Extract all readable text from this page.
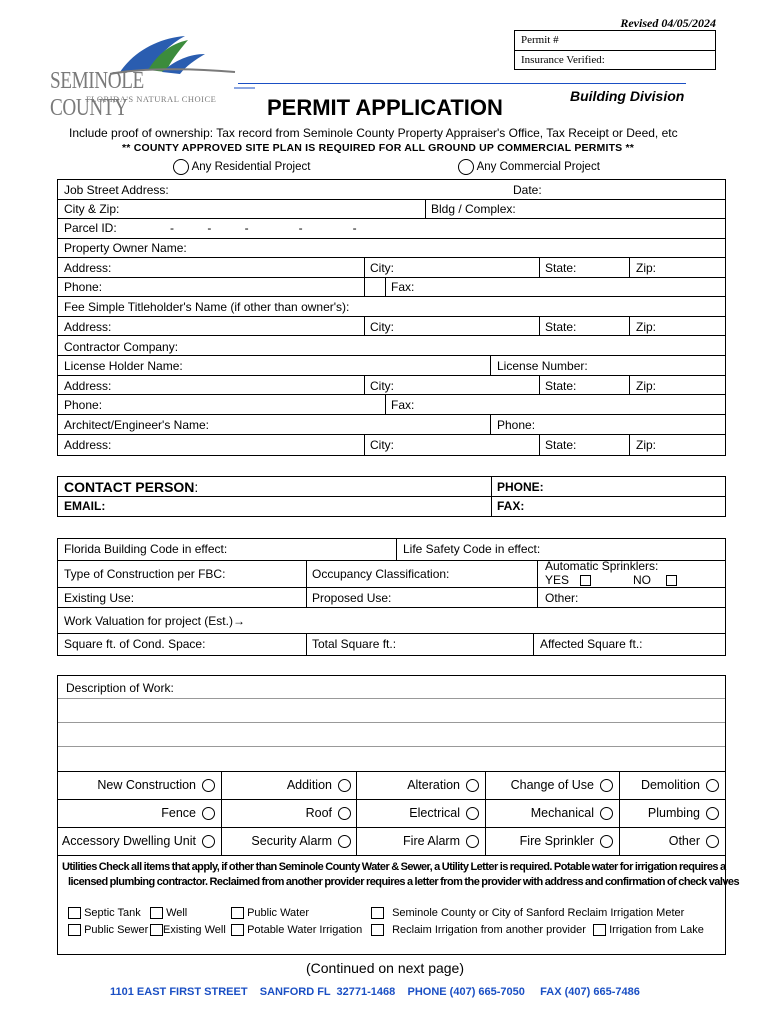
Revised 04/05/2024
Permit #
Insurance Verified:
SEMINOLE COUNTY
FLORIDA'S NATURAL CHOICE	Building Division
PERMIT APPLICATION
Include proof of ownership: Tax record from Seminole County Property Appraiser's Office, Tax Receipt or Deed, etc
** COUNTY APPROVED SITE PLAN IS REQUIRED FOR ALL GROUND UP COMMERCIAL PERMITS **
Any Residential Project	Any Commercial Project
Job Street Address:	Date:
City & Zip:	Bldg / Complex:
Parcel ID:	-          -          -               -               -
Property Owner Name:
Address:	City:	State:	Zip:
Phone:	Fax:
Fee Simple Titleholder's Name (if other than owner's):
Address:	City:	State:	Zip:
Contractor Company:
License Holder Name:	License Number:
Address:	City:	State:	Zip:
Phone:	Fax:
Architect/Engineer's Name:	Phone:
Address:	City:	State:	Zip:
CONTACT PERSON:	PHONE:
EMAIL:	FAX:
Florida Building Code in effect:	Life Safety Code in effect:
Type of Construction per FBC:	Occupancy Classification:
Automatic Sprinklers:
YES	NO
Existing Use:	Proposed Use:	Other:
Work Valuation for project (Est.)→
Square ft. of Cond. Space:	Total Square ft.:	Affected Square ft.:
Description of Work:
New Construction	Addition	Alteration	Change of Use	Demolition
Fence	Roof	Electrical	Mechanical	Plumbing
Accessory Dwelling Unit	Security Alarm	Fire Alarm	Fire Sprinkler	Other
Utilities Check all items that apply, if other than Seminole County Water & Sewer, a Utility Letter is required. Potable water for irrigation requires a
licensed plumbing contractor. Reclaimed from another provider requires a letter from the provider with address and confirmation of check valves
Septic Tank	Well	Public Water	Seminole County or City of Sanford Reclaim Irrigation Meter
Public Sewer	Existing Well	Potable Water Irrigation	Reclaim Irrigation from another provider	Irrigation from Lake
(Continued on next page)
1101 EAST FIRST STREET    SANFORD FL  32771-1468    PHONE (407) 665-7050     FAX (407) 665-7486
